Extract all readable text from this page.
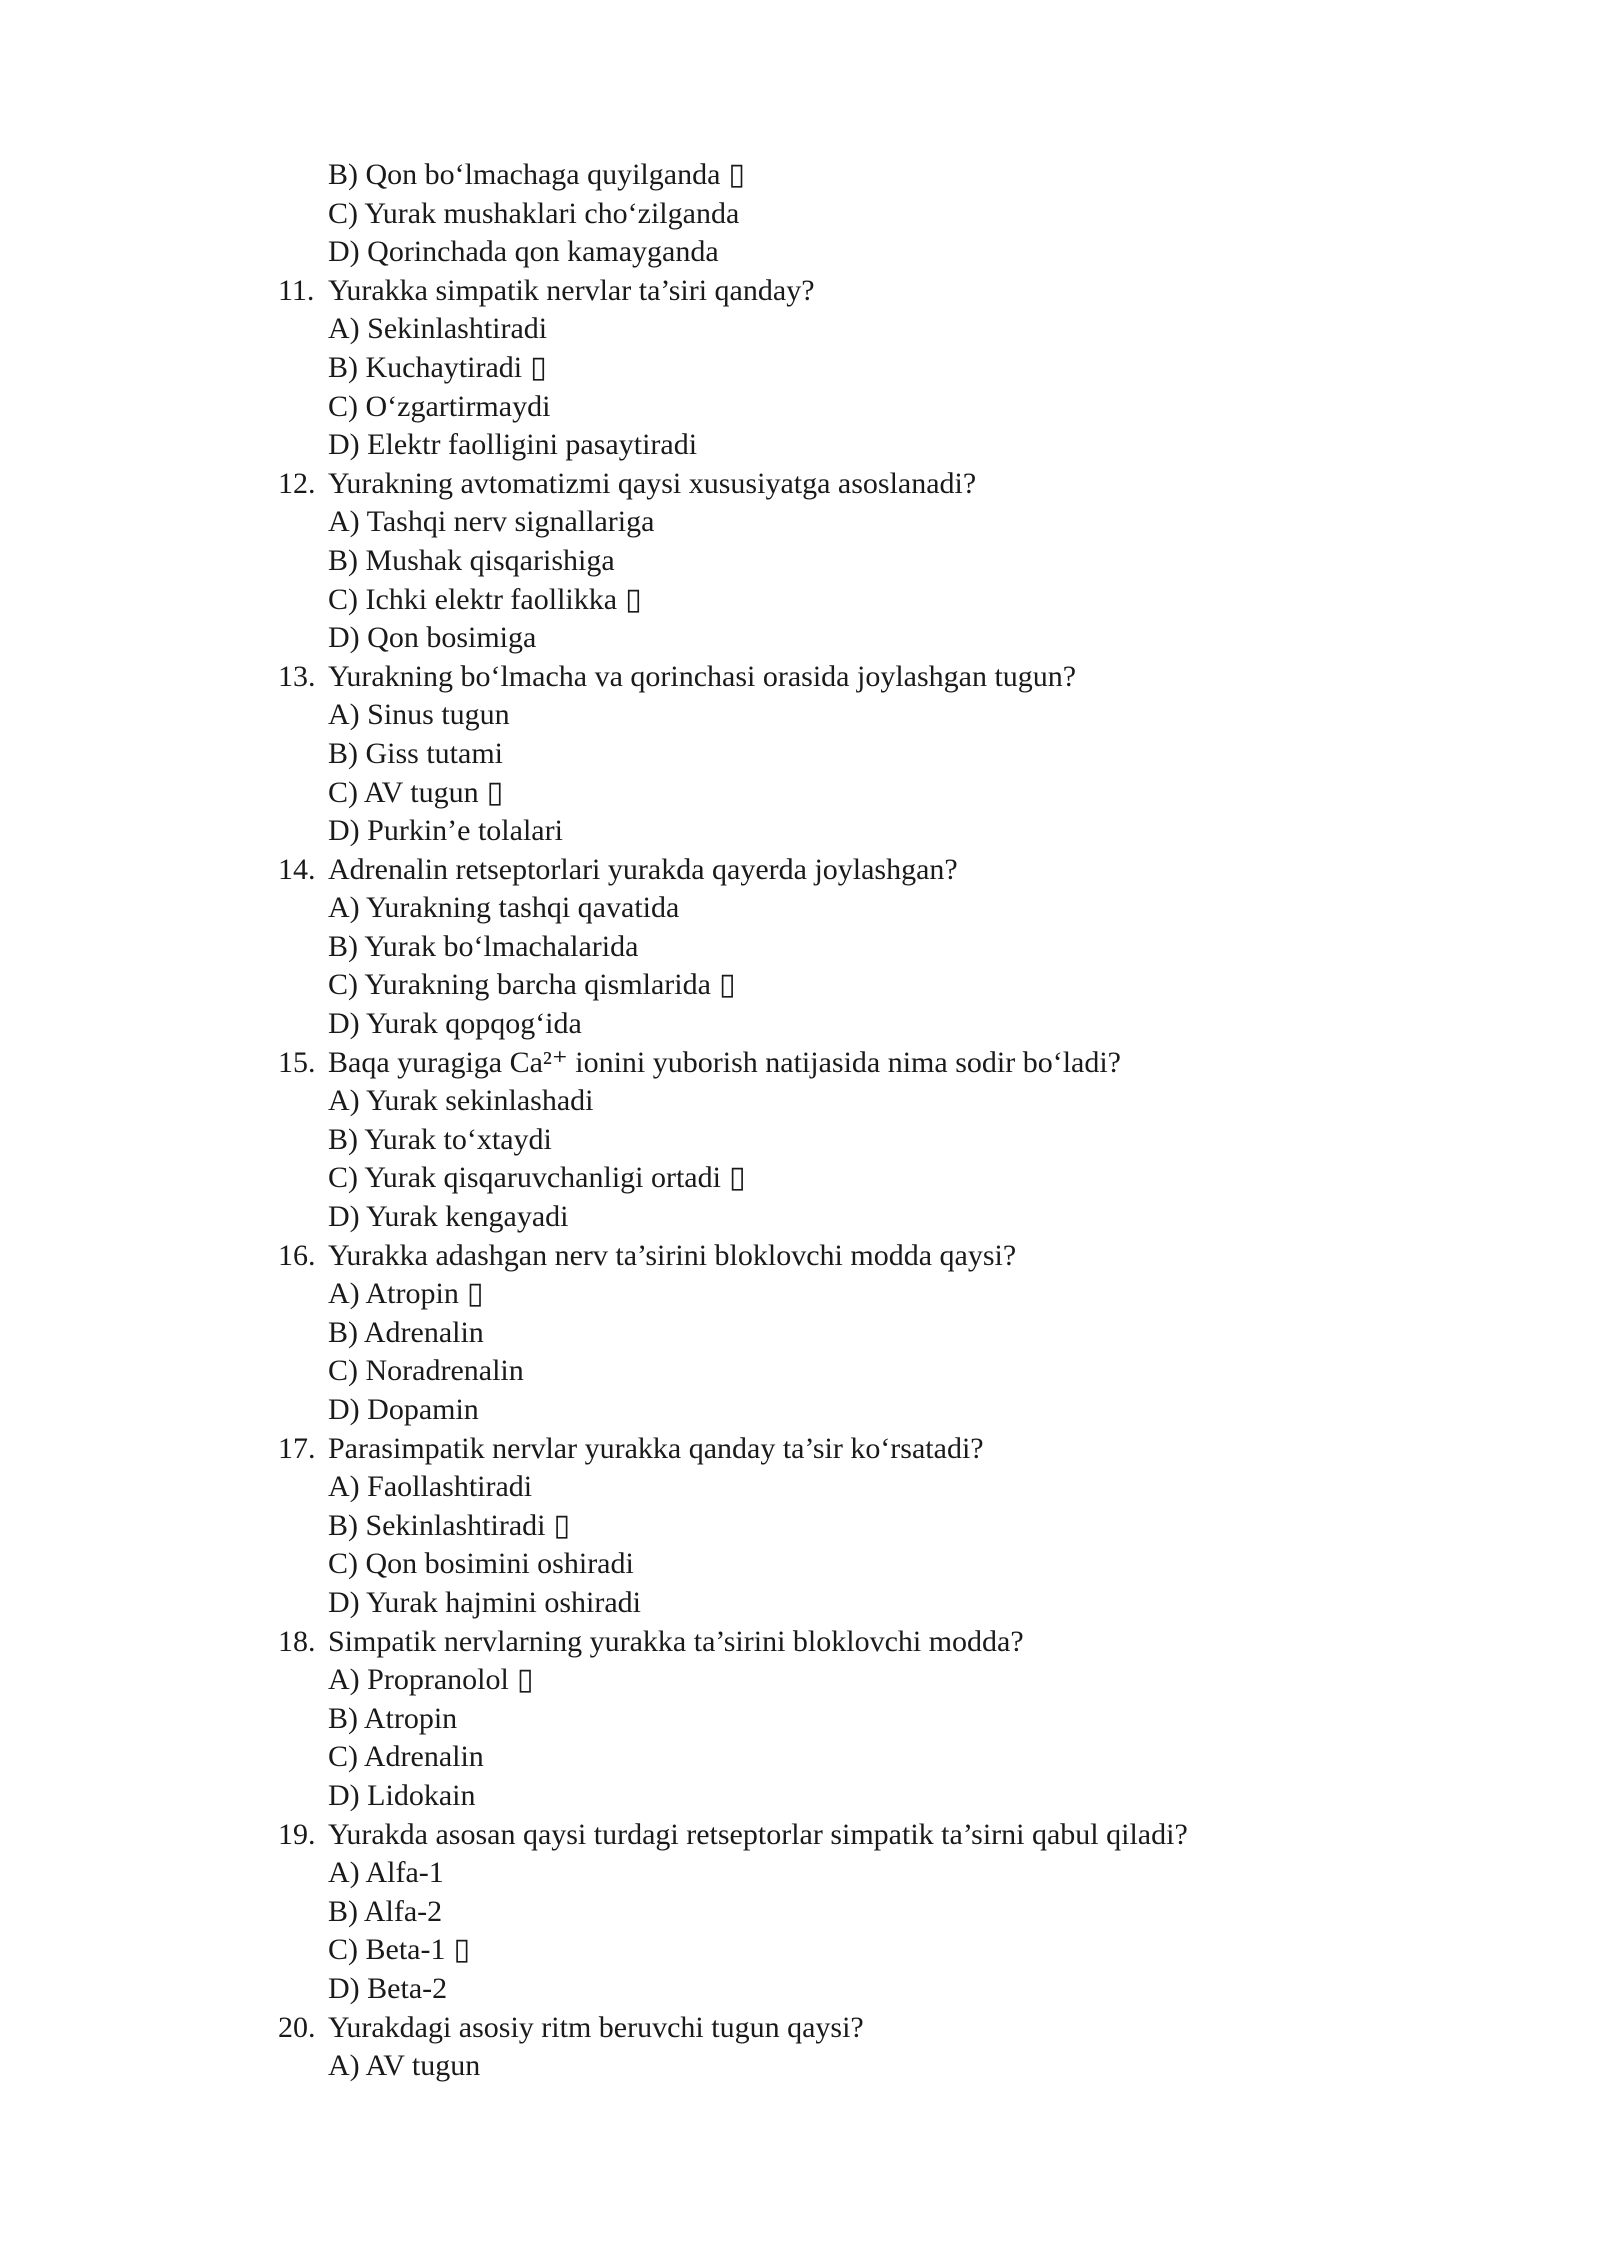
B) Qon bo‘lmachaga quyilganda ▯
C) Yurak mushaklari cho‘zilganda
D) Qorinchada qon kamayganda
11. Yurakka simpatik nervlar ta’siri qanday?
A) Sekinlashtiradi
B) Kuchaytiradi ▯
C) O‘zgartirmaydi
D) Elektr faolligini pasaytiradi
12. Yurakning avtomatizmi qaysi xususiyatga asoslanadi?
A) Tashqi nerv signallariga
B) Mushak qisqarishiga
C) Ichki elektr faollikka ▯
D) Qon bosimiga
13. Yurakning bo‘lmacha va qorinchasi orasida joylashgan tugun?
A) Sinus tugun
B) Giss tutami
C) AV tugun ▯
D) Purkin’e tolalari
14. Adrenalin retseptorlari yurakda qayerda joylashgan?
A) Yurakning tashqi qavatida
B) Yurak bo‘lmachalarida
C) Yurakning barcha qismlarida ▯
D) Yurak qopqog‘ida
15. Baqa yuragiga Ca²⁺ ionini yuborish natijasida nima sodir bo‘ladi?
A) Yurak sekinlashadi
B) Yurak to‘xtaydi
C) Yurak qisqaruvchanligi ortadi ▯
D) Yurak kengayadi
16. Yurakka adashgan nerv ta’sirini bloklovchi modda qaysi?
A) Atropin ▯
B) Adrenalin
C) Noradrenalin
D) Dopamin
17. Parasimpatik nervlar yurakka qanday ta’sir ko‘rsatadi?
A) Faollashtiradi
B) Sekinlashtiradi ▯
C) Qon bosimini oshiradi
D) Yurak hajmini oshiradi
18. Simpatik nervlarning yurakka ta’sirini bloklovchi modda?
A) Propranolol ▯
B) Atropin
C) Adrenalin
D) Lidokain
19. Yurakda asosan qaysi turdagi retseptorlar simpatik ta’sirni qabul qiladi?
A) Alfa-1
B) Alfa-2
C) Beta-1 ▯
D) Beta-2
20. Yurakdagi asosiy ritm beruvchi tugun qaysi?
A) AV tugun
